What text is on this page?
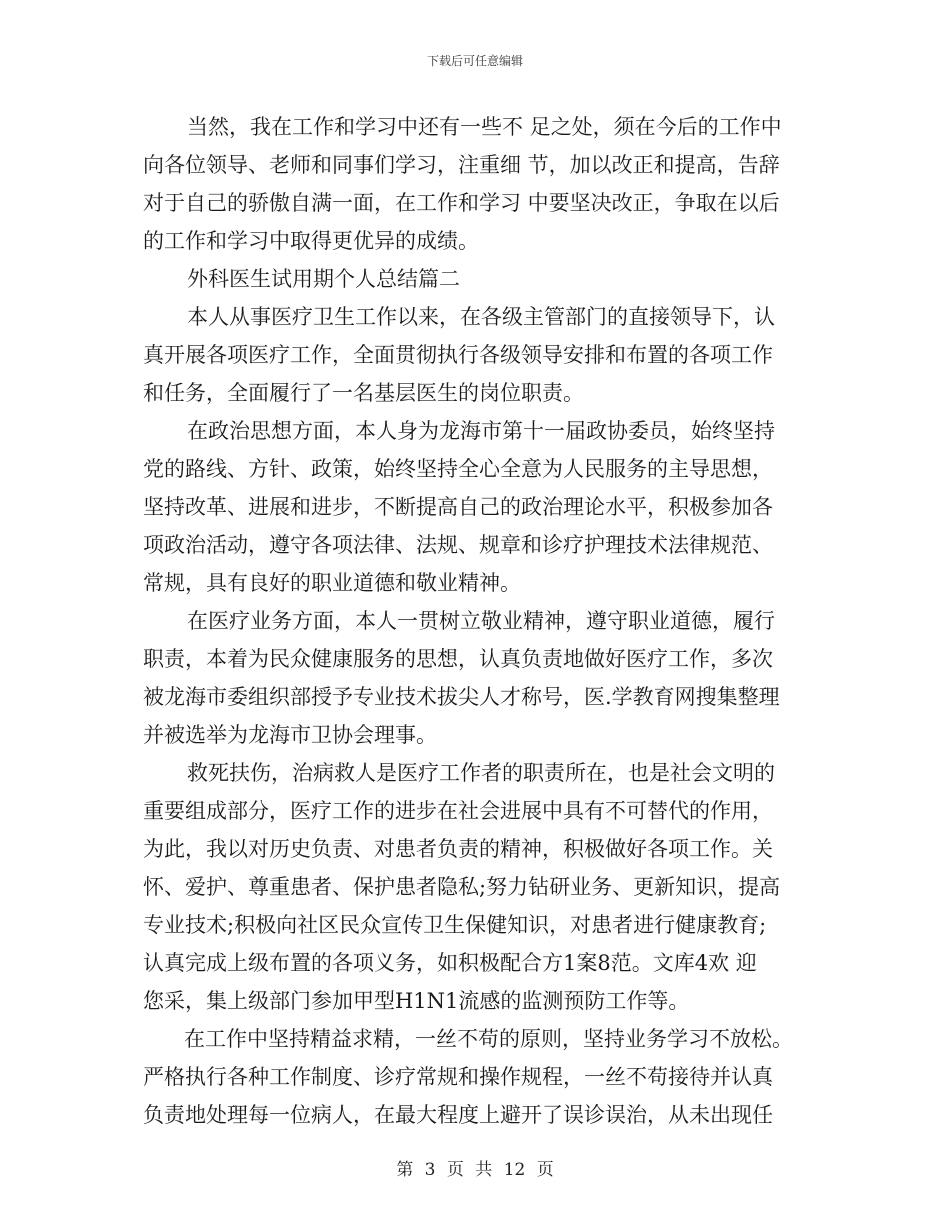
下载后可任意编辑
当然，我在工作和学习中还有一些不 足之处，须在今后的工作中
向各位领导、老师和同事们学习，注重细 节，加以改正和提高，告辞
对于自己的骄傲自满一面，在工作和学习 中要坚决改正，争取在以后
的工作和学习中取得更优异的成绩。
外科医生试用期个人总结篇二
本人从事医疗卫生工作以来，在各级主管部门的直接领导下，认
真开展各项医疗工作，全面贯彻执行各级领导安排和布置的各项工作
和任务，全面履行了一名基层医生的岗位职责。
在政治思想方面，本人身为龙海市第十一届政协委员，始终坚持
党的路线、方针、政策，始终坚持全心全意为人民服务的主导思想，
坚持改革、进展和进步，不断提高自己的政治理论水平，积极参加各
项政治活动，遵守各项法律、法规、规章和诊疗护理技术法律规范、
常规，具有良好的职业道德和敬业精神。
在医疗业务方面，本人一贯树立敬业精神，遵守职业道德，履行
职责，本着为民众健康服务的思想，认真负责地做好医疗工作，多次
被龙海市委组织部授予专业技术拔尖人才称号，医.学教育网搜集整理
并被选举为龙海市卫协会理事。
救死扶伤，治病救人是医疗工作者的职责所在，也是社会文明的
重要组成部分，医疗工作的进步在社会进展中具有不可替代的作用，
为此，我以对历史负责、对患者负责的精神，积极做好各项工作。关
怀、爱护、尊重患者、保护患者隐私;努力钻研业务、更新知识，提高
专业技术;积极向社区民众宣传卫生保健知识，对患者进行健康教育;
认真完成上级布置的各项义务，如积极配合方1案8范。文库4欢 迎
您采，集上级部门参加甲型H1N1流感的监测预防工作等。
在工作中坚持精益求精，一丝不苟的原则，坚持业务学习不放松。
严格执行各种工作制度、诊疗常规和操作规程，一丝不苟接待并认真
负责地处理每一位病人，在最大程度上避开了误诊误治，从未出现任
第 3 页 共 12 页
